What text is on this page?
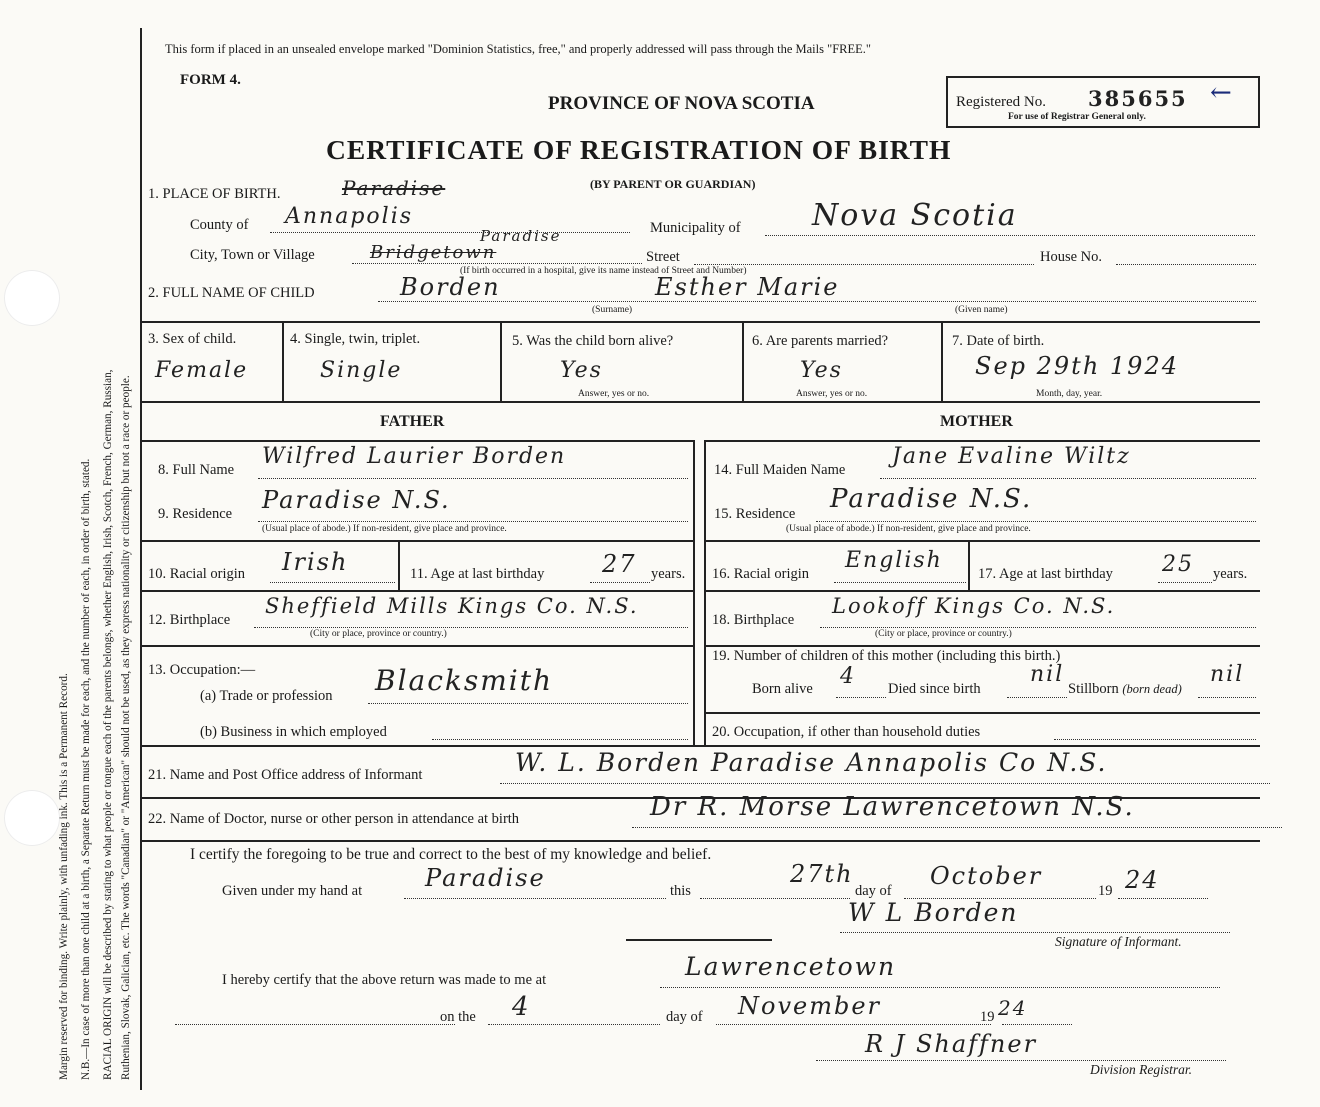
Margin reserved for binding. Write plainly, with unfading ink. This is a Permanent Record. N.B.—In case of more than one child at a birth, a Separate Return must be made for each, and the number of each, in order of birth, stated. RACIAL ORIGIN will be described by stating to what people or tongue each of the parents belongs, whether English, Irish, Scotch, French, German, Russian, Ruthenian, Slovak, Galician, etc. The words "Canadian" or "American" should not be used, as they express nationality or citizenship but not a race or people.
This form if placed in an unsealed envelope marked "Dominion Statistics, free," and properly addressed will pass through the Mails "FREE."
FORM 4.
PROVINCE OF NOVA SCOTIA	Registered No. 385655
For use of Registrar General only.
←
CERTIFICATE OF REGISTRATION OF BIRTH
(BY PARENT OR GUARDIAN)
1. PLACE OF BIRTH.	Paradise
County of Annapolis	Municipality of Nova Scotia
City, Town or Village	Bridgetown
Paradise
Street	House No.
(If birth occurred in a hospital, give its name instead of Street and Number)
2. FULL NAME OF CHILD	Borden	Esther Marie
(Surname)	(Given name)
3. Sex of child.
Female
4. Single, twin, triplet.
Single
5. Was the child born alive?
Yes
Answer, yes or no.
6. Are parents married?
Yes
Answer, yes or no.
7. Date of birth.
Sep 29th 1924
Month, day, year.
FATHER	MOTHER
8. Full Name
Wilfred Laurier Borden
9. Residence Paradise N.S.
(Usual place of abode.) If non-resident, give place and province.
10. Racial origin Irish	11. Age at last birthday 27 years.
12. Birthplace
Sheffield Mills Kings Co. N.S.
(City or place, province or country.)
13. Occupation:—
(a) Trade or profession Blacksmith
(b) Business in which employed
14. Full Maiden Name
Jane Evaline Wiltz
15. Residence Paradise N.S.
(Usual place of abode.) If non-resident, give place and province.
16. Racial origin
English
17. Age at last birthday 25 years.
18. Birthplace
Lookoff Kings Co. N.S.
(City or place, province or country.)
19. Number of children of this mother (including this birth.)
Born alive 4 Died since birth
nil
Stillborn (born dead)
nil
20. Occupation, if other than household duties
21. Name and Post Office address of Informant	W. L. Borden Paradise Annapolis Co N.S.
22. Name of Doctor, nurse or other person in attendance at birth	Dr R. Morse Lawrencetown N.S.
I certify the foregoing to be true and correct to the best of my knowledge and belief.
Given under my hand at	Paradise	this
27th
day of
October
19 24
W L Borden
Signature of Informant.
I hereby certify that the above return was made to me at	Lawrencetown
on the 4	day of November	19 24
R J Shaffner
Division Registrar.
